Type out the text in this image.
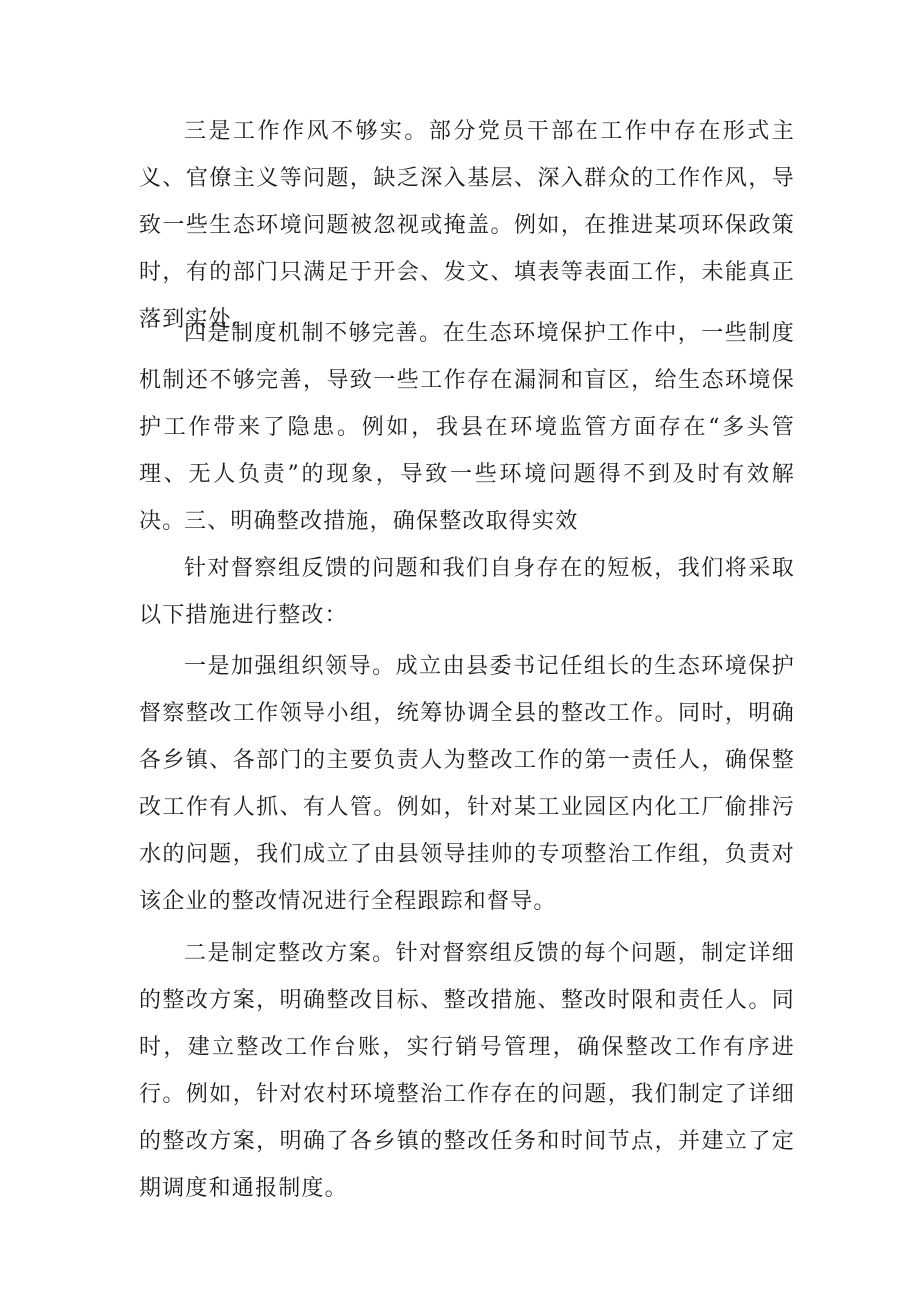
三是工作作风不够实。部分党员干部在工作中存在形式主义、官僚主义等问题，缺乏深入基层、深入群众的工作作风，导致一些生态环境问题被忽视或掩盖。例如，在推进某项环保政策时，有的部门只满足于开会、发文、填表等表面工作，未能真正落到实处。

四是制度机制不够完善。在生态环境保护工作中，一些制度机制还不够完善，导致一些工作存在漏洞和盲区，给生态环境保护工作带来了隐患。例如，我县在环境监管方面存在“多头管理、无人负责”的现象，导致一些环境问题得不到及时有效解决。

三、明确整改措施，确保整改取得实效

针对督察组反馈的问题和我们自身存在的短板，我们将采取以下措施进行整改：

一是加强组织领导。成立由县委书记任组长的生态环境保护督察整改工作领导小组，统筹协调全县的整改工作。同时，明确各乡镇、各部门的主要负责人为整改工作的第一责任人，确保整改工作有人抓、有人管。例如，针对某工业园区内化工厂偷排污水的问题，我们成立了由县领导挂帅的专项整治工作组，负责对该企业的整改情况进行全程跟踪和督导。

二是制定整改方案。针对督察组反馈的每个问题，制定详细的整改方案，明确整改目标、整改措施、整改时限和责任人。同时，建立整改工作台账，实行销号管理，确保整改工作有序进行。例如，针对农村环境整治工作存在的问题，我们制定了详细的整改方案，明确了各乡镇的整改任务和时间节点，并建立了定期调度和通报制度。
